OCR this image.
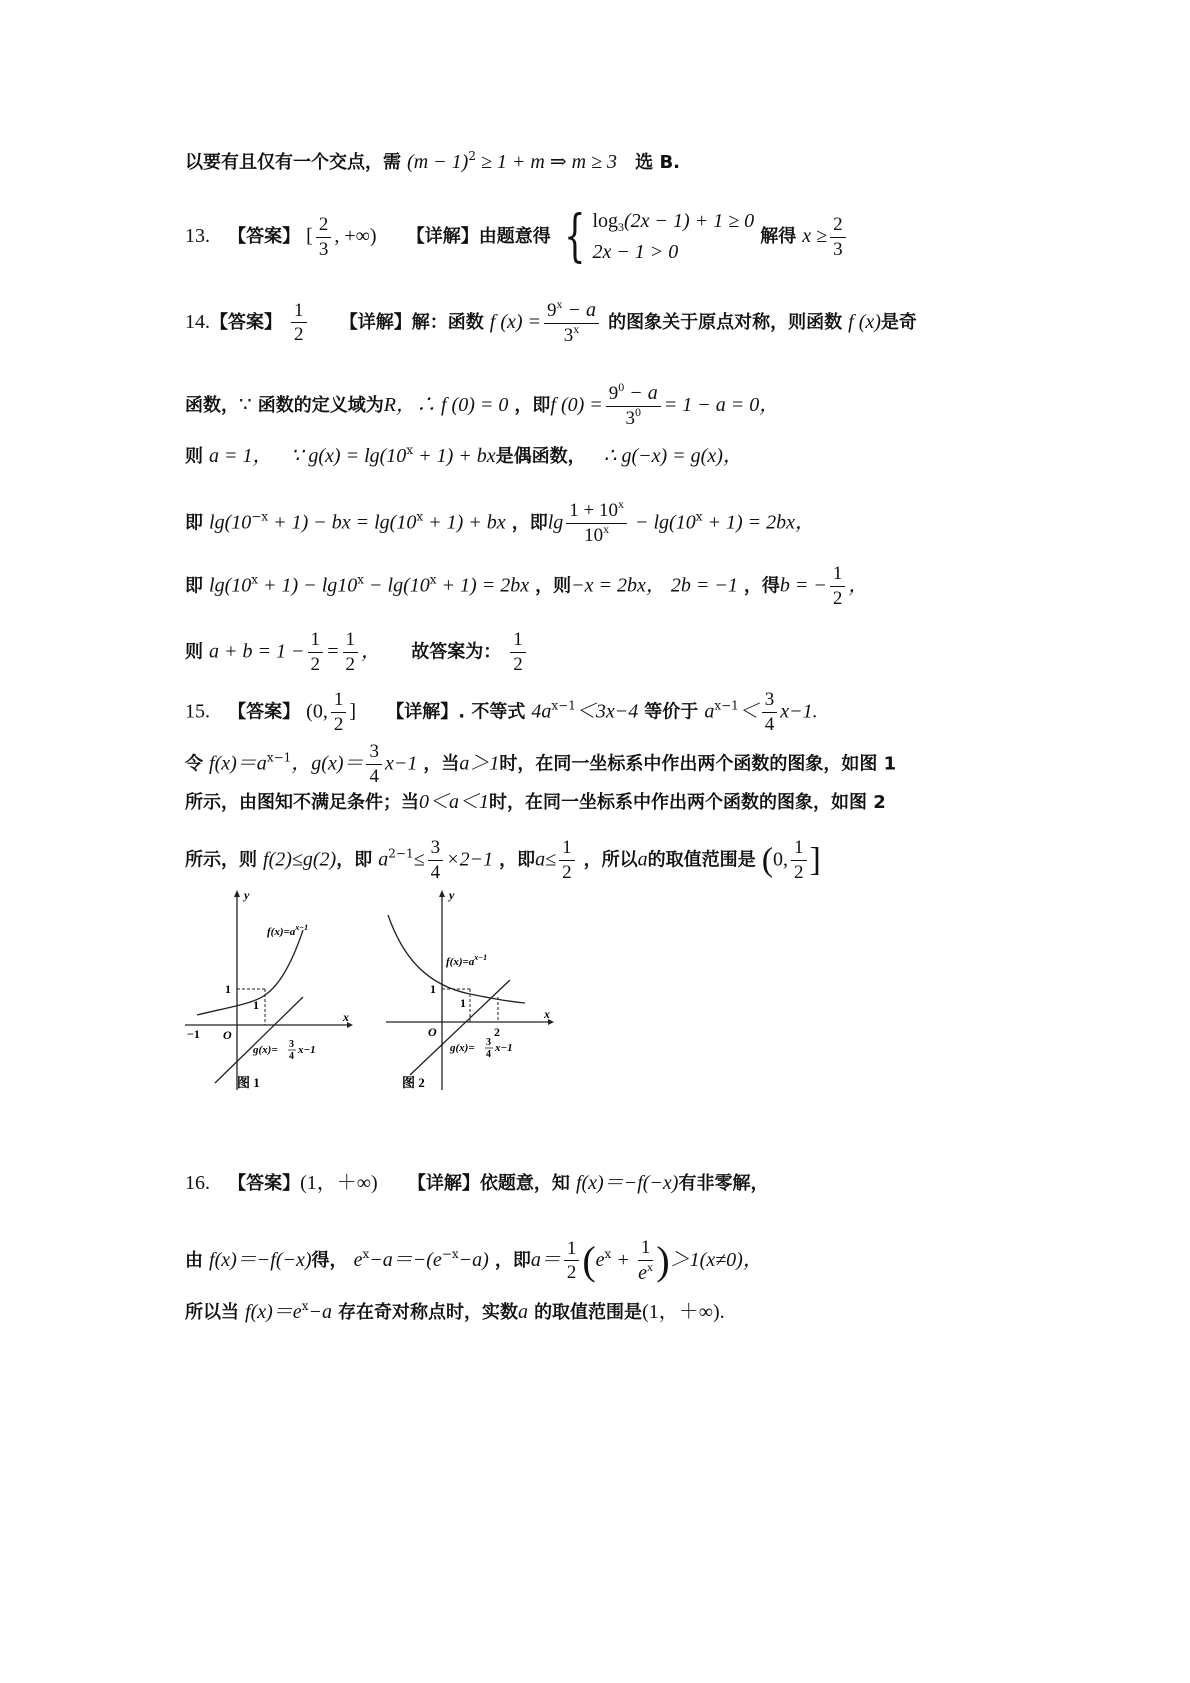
以要有且仅有一个交点，需 $(m - 1)^2 \ge 1 + m$ ⇒ m ≥ 3 选 B.
13. 【答案】 [ $\frac{2}{3}$ , +∞) 【详解】由题意得 { $\log_3(2x - 1) + 1 \ge 0$
2x − 1 > 0
解得 $x \ge \frac{2}{3}$
14.【答案】 $\frac{1}{2}$ 【详解】解：函数 f $(x) = \frac{9^x - a}{3^x}$ 的图象关于原点对称，则函数 f (x)是奇
函数，∵ 函数的定义域为R，∴ f (0) = 0 ，即f $(0) = \frac{9^0 - a}{3^0} = 1 - a = 0$，
则 a = 1， ∵ $g(x) = \lg(10^x + 1)$ + bx是偶函数， ∴ g(−x) = g(x)，
即 $\lg(10^{-x} + 1)$ − bx = $\lg(10^x + 1)$ + bx ，即$\lg \frac{1 + 10^x}{10^x} - \lg(10^x + 1) = 2bx$，
即 $\lg(10^x + 1) - \lg 10^x - \lg(10^x + 1) = 2bx$ ，则−x = 2bx， 2b = −1 ，得b = − $\frac{1}{2}$ ，
则 $a + b = 1 - \frac{1}{2} = \frac{1}{2}$ ， 故答案为： $\frac{1}{2}$
15. 【答案】 (0, $\frac{1}{2}$ ] 【详解】. 不等式 $4a^{x-1}<3x-4$ 等价于 $a^{x-1}< \frac{3}{4} x-1$.
令 $f(x)=a^{x-1}$，$g(x)= \frac{3}{4} x-1$ ，当a＞1时，在同一坐标系中作出两个函数的图象，如图 1
所示，由图知不满足条件；当0＜a＜1时，在同一坐标系中作出两个函数的图象，如图 2
所示，则 f(2)≤g(2)，即 $a^{2-1}\le \frac{3}{4} \times 2-1$ ，即$a\le \frac{1}{2}$ ，所以a的取值范围是 (0, $\frac{1}{2}$ ]
y
x
O
1
1
−1
$f(x)=a^{x-1}$
g(x)= 3
4
x−1
图 1
y
x
O
1
1
2
$f(x)=a^{x-1}$
g(x)= 3
4
x−1
图 2
16. 【答案】(1，＋∞) 【详解】依题意，知 f(x)＝−f(−x)有非零解，
由 f(x)＝−f(−x)得， $e^x-a=-(e^{-x}-a)$ ，即$a= \frac{1}{2} (e^x + \frac{1}{e^x} )>1(x\ne 0)$，
所以当 $f(x)=e^x-a$ 存在奇对称点时，实数a 的取值范围是(1，＋∞).
